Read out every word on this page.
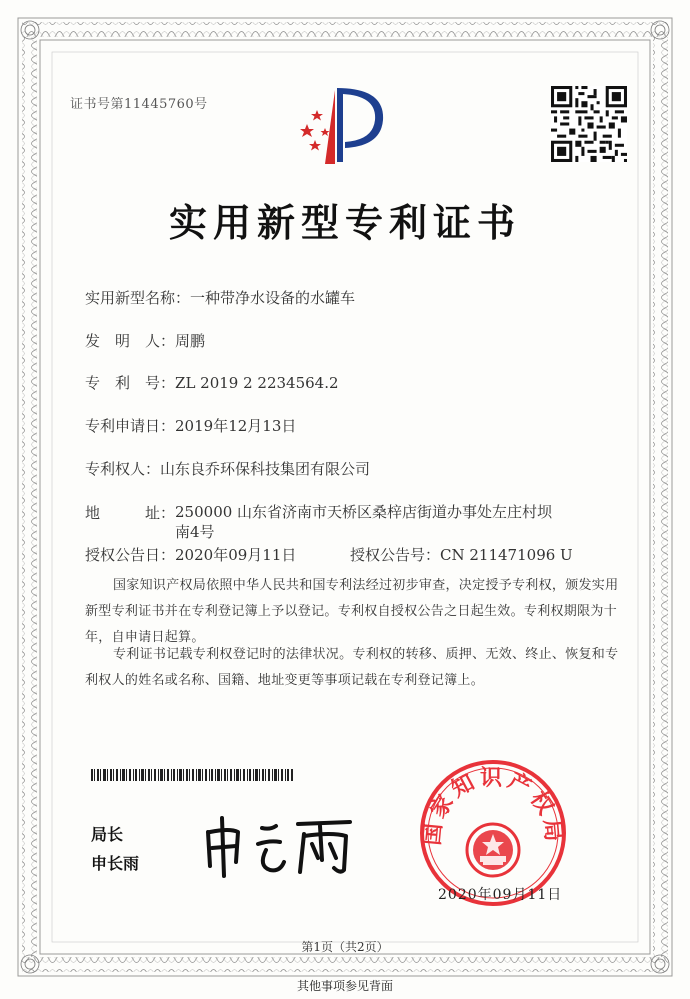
证书号第11445760号
实用新型专利证书
实用新型名称：一种带净水设备的水罐车
发　明　人：周鹏
专　利　号：ZL 2019 2 2234564.2
专利申请日：2019年12月13日
专利权人：山东良乔环保科技集团有限公司
地　　　址：250000 山东省济南市天桥区桑梓店街道办事处左庄村坝南4号
授权公告日：2020年09月11日	授权公告号：CN 211471096 U

国家知识产权局依照中华人民共和国专利法经过初步审查，决定授予专利权，颁发实用新型专利证书并在专利登记簿上予以登记。专利权自授权公告之日起生效。专利权期限为十年，自申请日起算。

专利证书记载专利权登记时的法律状况。专利权的转移、质押、无效、终止、恢复和专利权人的姓名或名称、国籍、地址变更等事项记载在专利登记簿上。

局长
申长雨
国家知识产权局
2020年09月11日
第1页（共2页）
其他事项参见背面
